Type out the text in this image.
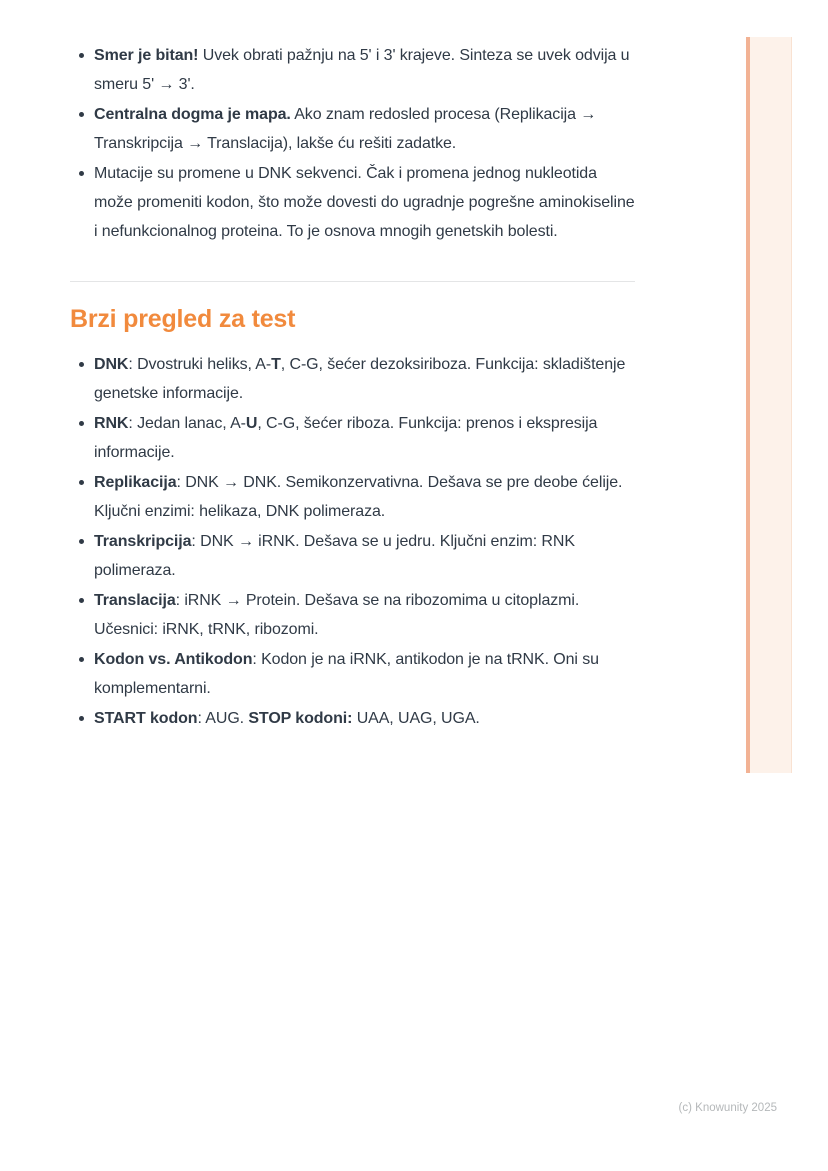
Smer je bitan! Uvek obrati pažnju na 5' i 3' krajeve. Sinteza se uvek odvija u smeru 5' → 3'.
Centralna dogma je mapa. Ako znam redosled procesa (Replikacija → Transkripcija → Translacija), lakše ću rešiti zadatke.
Mutacije su promene u DNK sekvenci. Čak i promena jednog nukleotida može promeniti kodon, što može dovesti do ugradnje pogrešne aminokiseline i nefunkcionalnog proteina. To je osnova mnogih genetskih bolesti.
Brzi pregled za test
DNK: Dvostruki heliks, A-T, C-G, šećer dezoksiriboza. Funkcija: skladištenje genetske informacije.
RNK: Jedan lanac, A-U, C-G, šećer riboza. Funkcija: prenos i ekspresija informacije.
Replikacija: DNK → DNK. Semikonzervativna. Dešava se pre deobe ćelije. Ključni enzimi: helikaza, DNK polimeraza.
Transkripcija: DNK → iRNK. Dešava se u jedru. Ključni enzim: RNK polimeraza.
Translacija: iRNK → Protein. Dešava se na ribozomima u citoplazmi. Učesnici: iRNK, tRNK, ribozomi.
Kodon vs. Antikodon: Kodon je na iRNK, antikodon je na tRNK. Oni su komplementarni.
START kodon: AUG. STOP kodoni: UAA, UAG, UGA.
(c) Knowunity 2025
